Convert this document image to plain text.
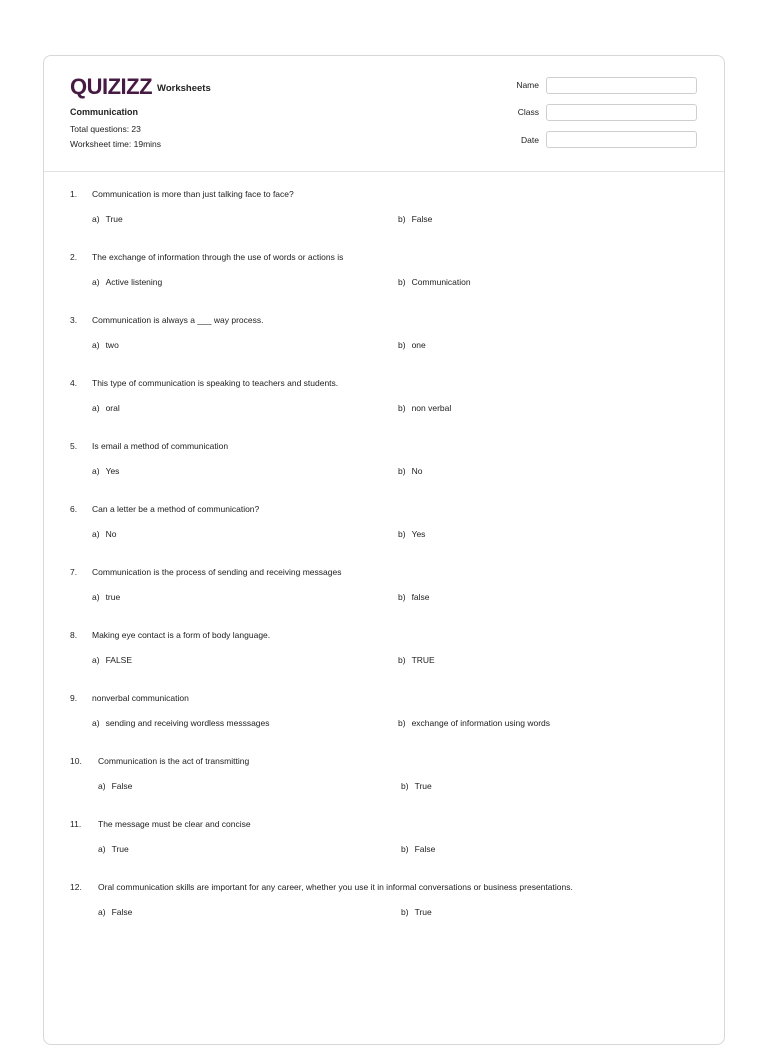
QUIZIZZ Worksheets
Communication
Total questions: 23
Worksheet time: 19mins
Name
Class
Date
1. Communication is more than just talking face to face?
a) True	b) False
2. The exchange of information through the use of words or actions is
a) Active listening	b) Communication
3. Communication is always a ___ way process.
a) two	b) one
4. This type of communication is speaking to teachers and students.
a) oral	b) non verbal
5. Is email a method of communication
a) Yes	b) No
6. Can a letter be a method of communication?
a) No	b) Yes
7. Communication is the process of sending and receiving messages
a) true	b) false
8. Making eye contact is a form of body language.
a) FALSE	b) TRUE
9. nonverbal communication
a) sending and receiving wordless messsages	b) exchange of information using words
10. Communication is the act of transmitting
a) False	b) True
11. The message must be clear and concise
a) True	b) False
12. Oral communication skills are important for any career, whether you use it in informal conversations or business presentations.
a) False	b) True
